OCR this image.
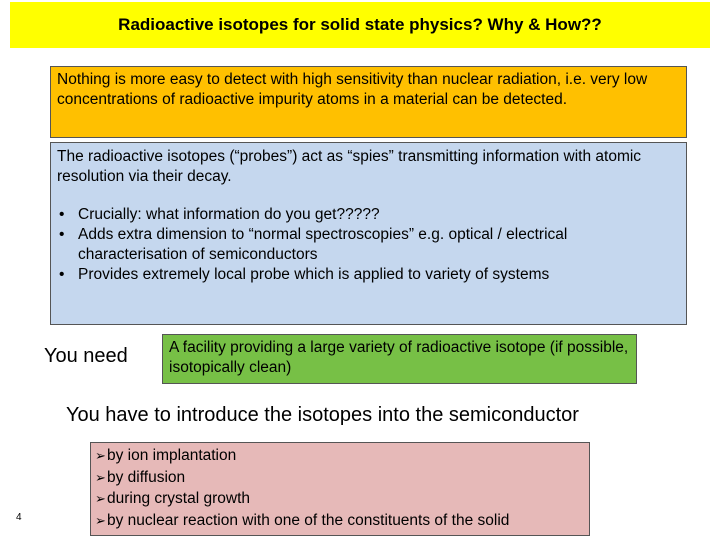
Radioactive isotopes for solid state physics? Why & How??
Nothing is more easy to detect with high sensitivity than nuclear radiation, i.e. very low concentrations of radioactive impurity atoms in a material can be detected.

The radioactive isotopes (“probes”) act as “spies” transmitting information with atomic resolution via their decay.

• Crucially: what information do you get?????
• Adds extra dimension to “normal spectroscopies” e.g. optical / electrical characterisation of semiconductors
• Provides extremely local probe which is applied to variety of systems
You need	A facility providing a large variety of radioactive isotope (if possible, isotopically clean)
You have to introduce the isotopes into the semiconductor
➢by ion implantation
➢by diffusion
➢during crystal growth
➢by nuclear reaction with one of the constituents of the solid
4
